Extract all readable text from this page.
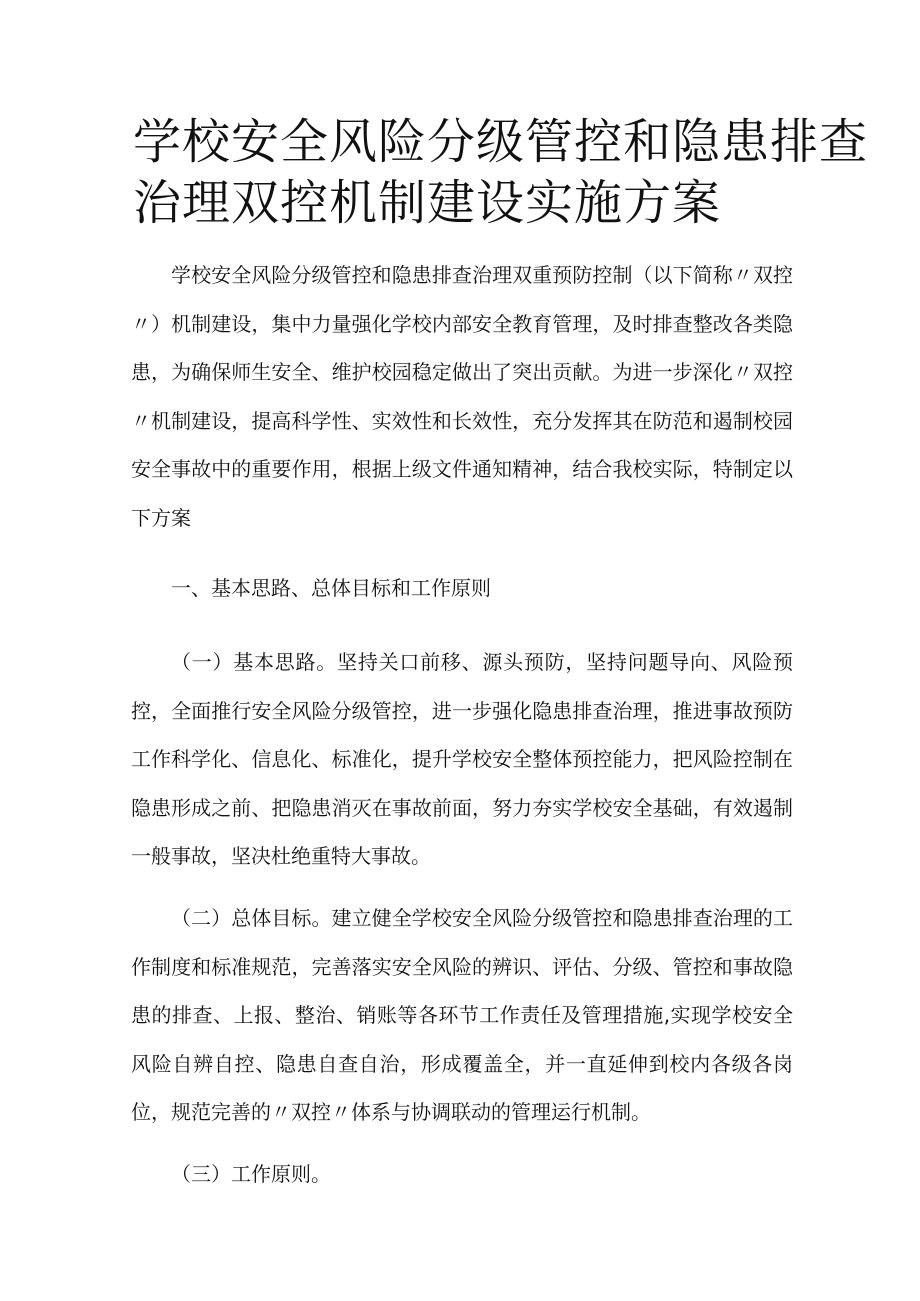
学校安全风险分级管控和隐患排查
治理双控机制建设实施方案

学校安全风险分级管控和隐患排查治理双重预防控制（以下简称〃双控〃）机制建设，集中力量强化学校内部安全教育管理，及时排查整改各类隐患，为确保师生安全、维护校园稳定做出了突出贡献。为进一步深化〃双控〃机制建设，提高科学性、实效性和长效性，充分发挥其在防范和遏制校园安全事故中的重要作用，根据上级文件通知精神，结合我校实际，特制定以下方案

一、基本思路、总体目标和工作原则

（一）基本思路。坚持关口前移、源头预防，坚持问题导向、风险预控，全面推行安全风险分级管控，进一步强化隐患排查治理，推进事故预防工作科学化、信息化、标准化，提升学校安全整体预控能力，把风险控制在隐患形成之前、把隐患消灭在事故前面，努力夯实学校安全基础，有效遏制一般事故，坚决杜绝重特大事故。

（二）总体目标。建立健全学校安全风险分级管控和隐患排查治理的工作制度和标准规范，完善落实安全风险的辨识、评估、分级、管控和事故隐患的排查、上报、整治、销账等各环节工作责任及管理措施,实现学校安全风险自辨自控、隐患自查自治，形成覆盖全，并一直延伸到校内各级各岗位，规范完善的〃双控〃体系与协调联动的管理运行机制。

（三）工作原则。
